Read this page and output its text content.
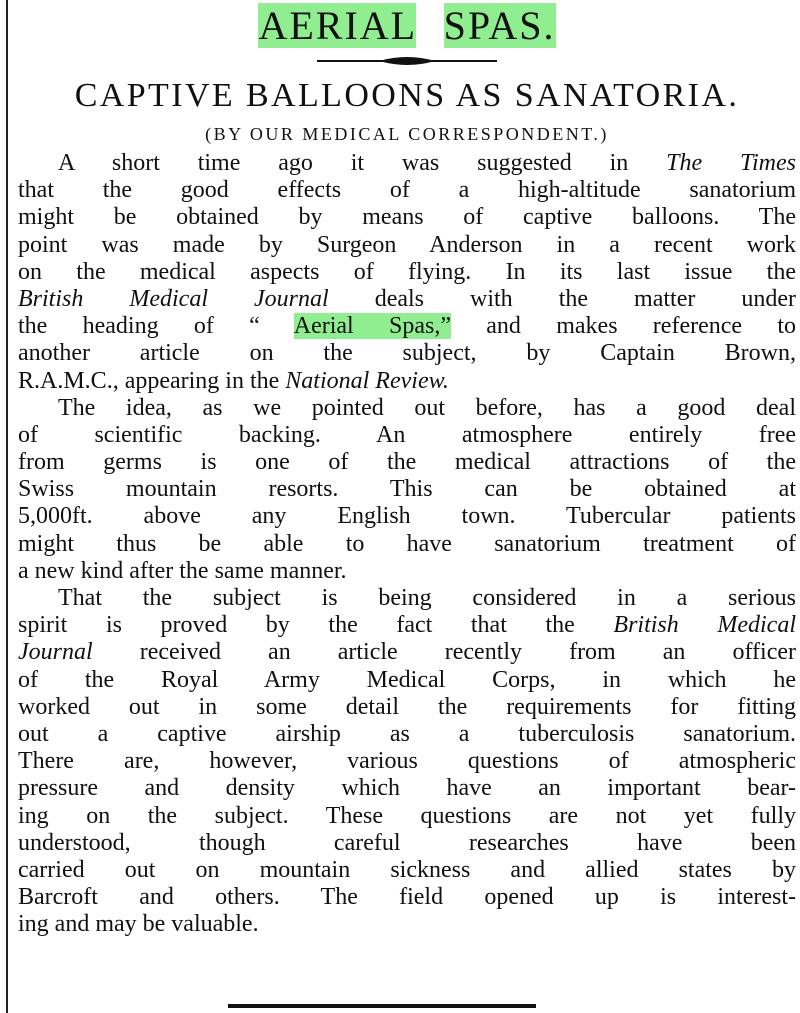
AERIAL SPAS.
CAPTIVE BALLOONS AS SANATORIA.
(BY OUR MEDICAL CORRESPONDENT.)
A short time ago it was suggested in The Times
that the good effects of a high-altitude sanatorium
might be obtained by means of captive balloons. The
point was made by Surgeon Anderson in a recent work
on the medical aspects of flying. In its last issue the
British Medical Journal deals with the matter under
the heading of “ Aerial Spas,” and makes reference to
another article on the subject, by Captain Brown,
R.A.M.C., appearing in the National Review.
The idea, as we pointed out before, has a good deal
of scientific backing. An atmosphere entirely free
from germs is one of the medical attractions of the
Swiss mountain resorts. This can be obtained at
5,000ft. above any English town. Tubercular patients
might thus be able to have sanatorium treatment of
a new kind after the same manner.
That the subject is being considered in a serious
spirit is proved by the fact that the British Medical
Journal received an article recently from an officer
of the Royal Army Medical Corps, in which he
worked out in some detail the requirements for fitting
out a captive airship as a tuberculosis sanatorium.
There are, however, various questions of atmospheric
pressure and density which have an important bear-
ing on the subject. These questions are not yet fully
understood, though careful researches have been
carried out on mountain sickness and allied states by
Barcroft and others. The field opened up is interest-
ing and may be valuable.
